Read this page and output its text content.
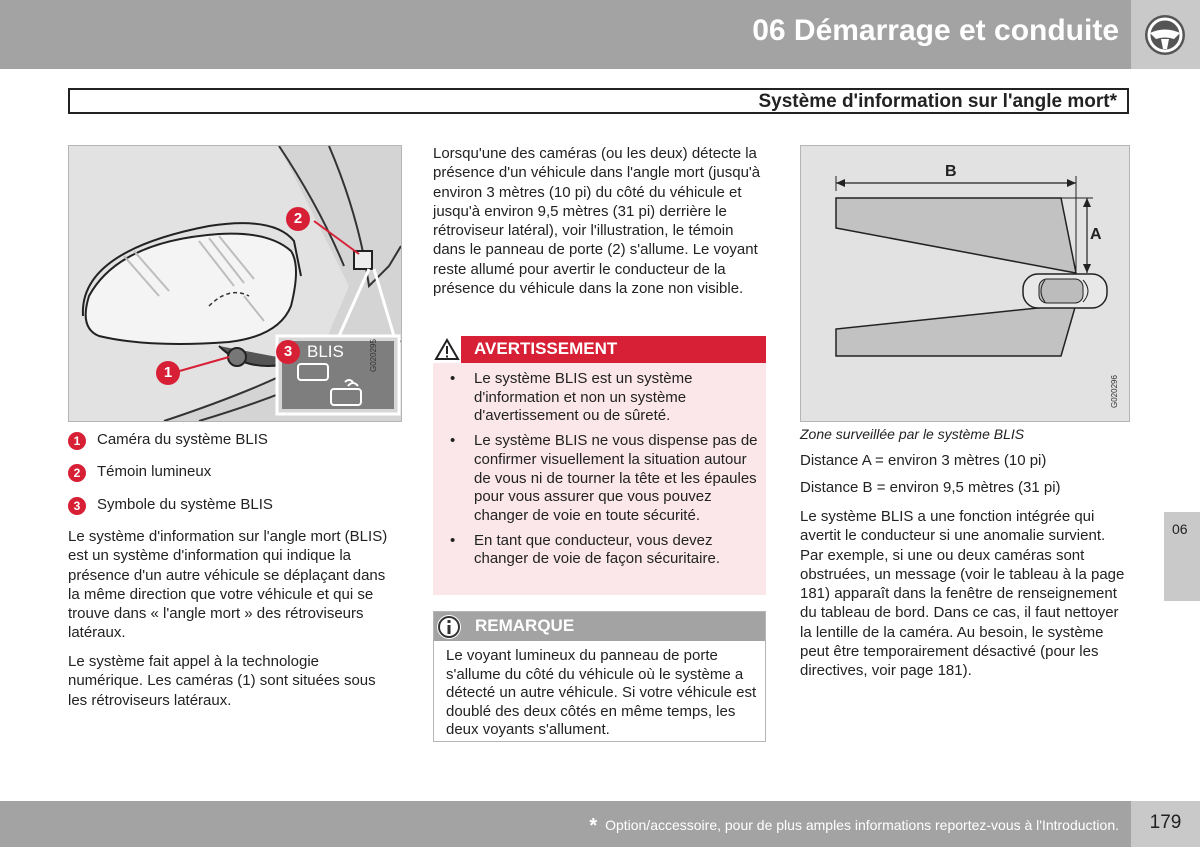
06 Démarrage et conduite
Système d'information sur l'angle mort*
2
1
3 BLIS	G020295
1	Caméra du système BLIS
2	Témoin lumineux
3	Symbole du système BLIS
Le système d'information sur l'angle mort (BLIS) est un système d'information qui indique la présence d'un autre véhicule se déplaçant dans la même direction que votre véhicule et qui se trouve dans « l'angle mort » des rétroviseurs latéraux.
Le système fait appel à la technologie numérique. Les caméras (1) sont situées sous les rétroviseurs latéraux.
Lorsqu'une des caméras (ou les deux) détecte la présence d'un véhicule dans l'angle mort (jusqu'à environ 3 mètres (10 pi) du côté du véhicule et jusqu'à environ 9,5 mètres (31 pi) derrière le rétroviseur latéral), voir l'illustration, le témoin dans le panneau de porte (2) s'allume. Le voyant reste allumé pour avertir le conducteur de la présence du véhicule dans la zone non visible.
AVERTISSEMENT
• Le système BLIS est un système d'information et non un système d'avertissement ou de sûreté.
• Le système BLIS ne vous dispense pas de confirmer visuellement la situation autour de vous ni de tourner la tête et les épaules pour vous assurer que vous pouvez changer de voie en toute sécurité.
• En tant que conducteur, vous devez changer de voie de façon sécuritaire.
REMARQUE
Le voyant lumineux du panneau de porte s'allume du côté du véhicule où le système a détecté un autre véhicule. Si votre véhicule est doublé des deux côtés en même temps, les deux voyants s'allument.
B
A
G020296
Zone surveillée par le système BLIS
Distance A = environ 3 mètres (10 pi)
Distance B = environ 9,5 mètres (31 pi)
Le système BLIS a une fonction intégrée qui avertit le conducteur si une anomalie survient. Par exemple, si une ou deux caméras sont obstruées, un message (voir le tableau à la page 181) apparaît dans la fenêtre de renseignement du tableau de bord. Dans ce cas, il faut nettoyer la lentille de la caméra. Au besoin, le système peut être temporairement désactivé (pour les directives, voir page 181).
06
* Option/accessoire, pour de plus amples informations reportez-vous à l'Introduction.	179
